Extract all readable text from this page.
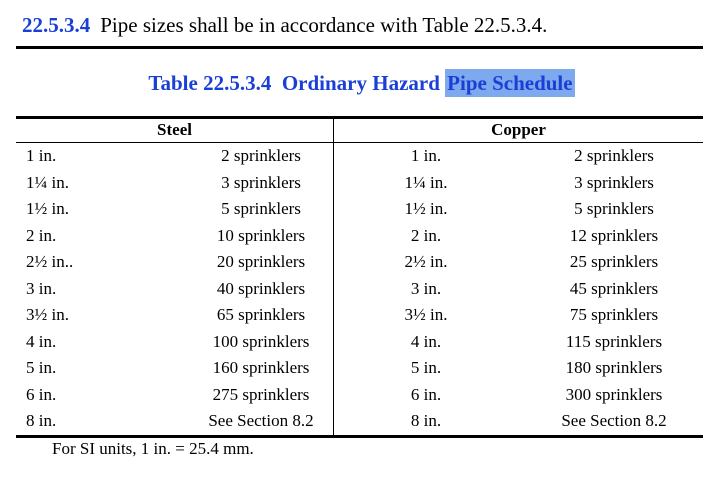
22.5.3.4 Pipe sizes shall be in accordance with Table 22.5.3.4.
Table 22.5.3.4  Ordinary Hazard Pipe Schedule
Steel	Copper
1 in.	2 sprinklers	1 in.	2 sprinklers
1¼ in.	3 sprinklers	1¼ in.	3 sprinklers
1½ in.	5 sprinklers	1½ in.	5 sprinklers
2 in.	10 sprinklers	2 in.	12 sprinklers
2½ in..	20 sprinklers	2½ in.	25 sprinklers
3 in.	40 sprinklers	3 in.	45 sprinklers
3½ in.	65 sprinklers	3½ in.	75 sprinklers
4 in.	100 sprinklers	4 in.	115 sprinklers
5 in.	160 sprinklers	5 in.	180 sprinklers
6 in.	275 sprinklers	6 in.	300 sprinklers
8 in.	See Section 8.2	8 in.	See Section 8.2
For SI units, 1 in. = 25.4 mm.
